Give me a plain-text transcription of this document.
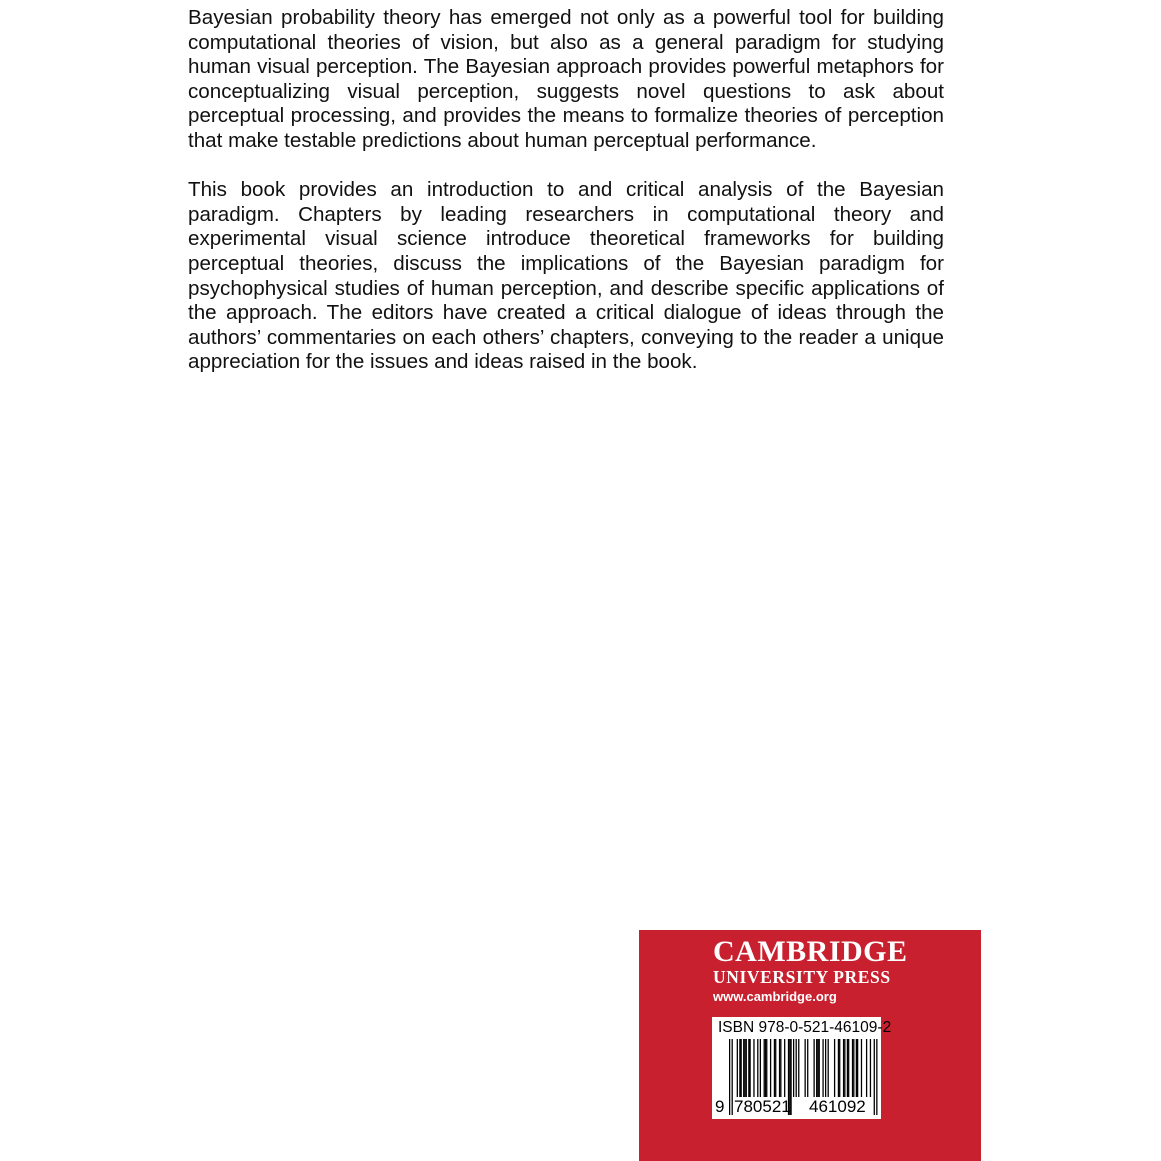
Bayesian probability theory has emerged not only as a powerful tool for building computational theories of vision, but also as a general paradigm for studying human visual perception. The Bayesian approach provides powerful metaphors for conceptualizing visual perception, suggests novel questions to ask about perceptual processing, and provides the means to formalize theories of perception that make testable predictions about human perceptual performance.

This book provides an introduction to and critical analysis of the Bayesian paradigm. Chapters by leading researchers in computational theory and experimental visual science introduce theoretical frameworks for building perceptual theories, discuss the implications of the Bayesian paradigm for psychophysical studies of human perception, and describe specific applications of the approach. The editors have created a critical dialogue of ideas through the authors’ commentaries on each others’ chapters, conveying to the reader a unique appreciation for the issues and ideas raised in the book.

CAMBRIDGE
UNIVERSITY PRESS
www.cambridge.org
ISBN 978-0-521-46109-2
9 780521 461092
